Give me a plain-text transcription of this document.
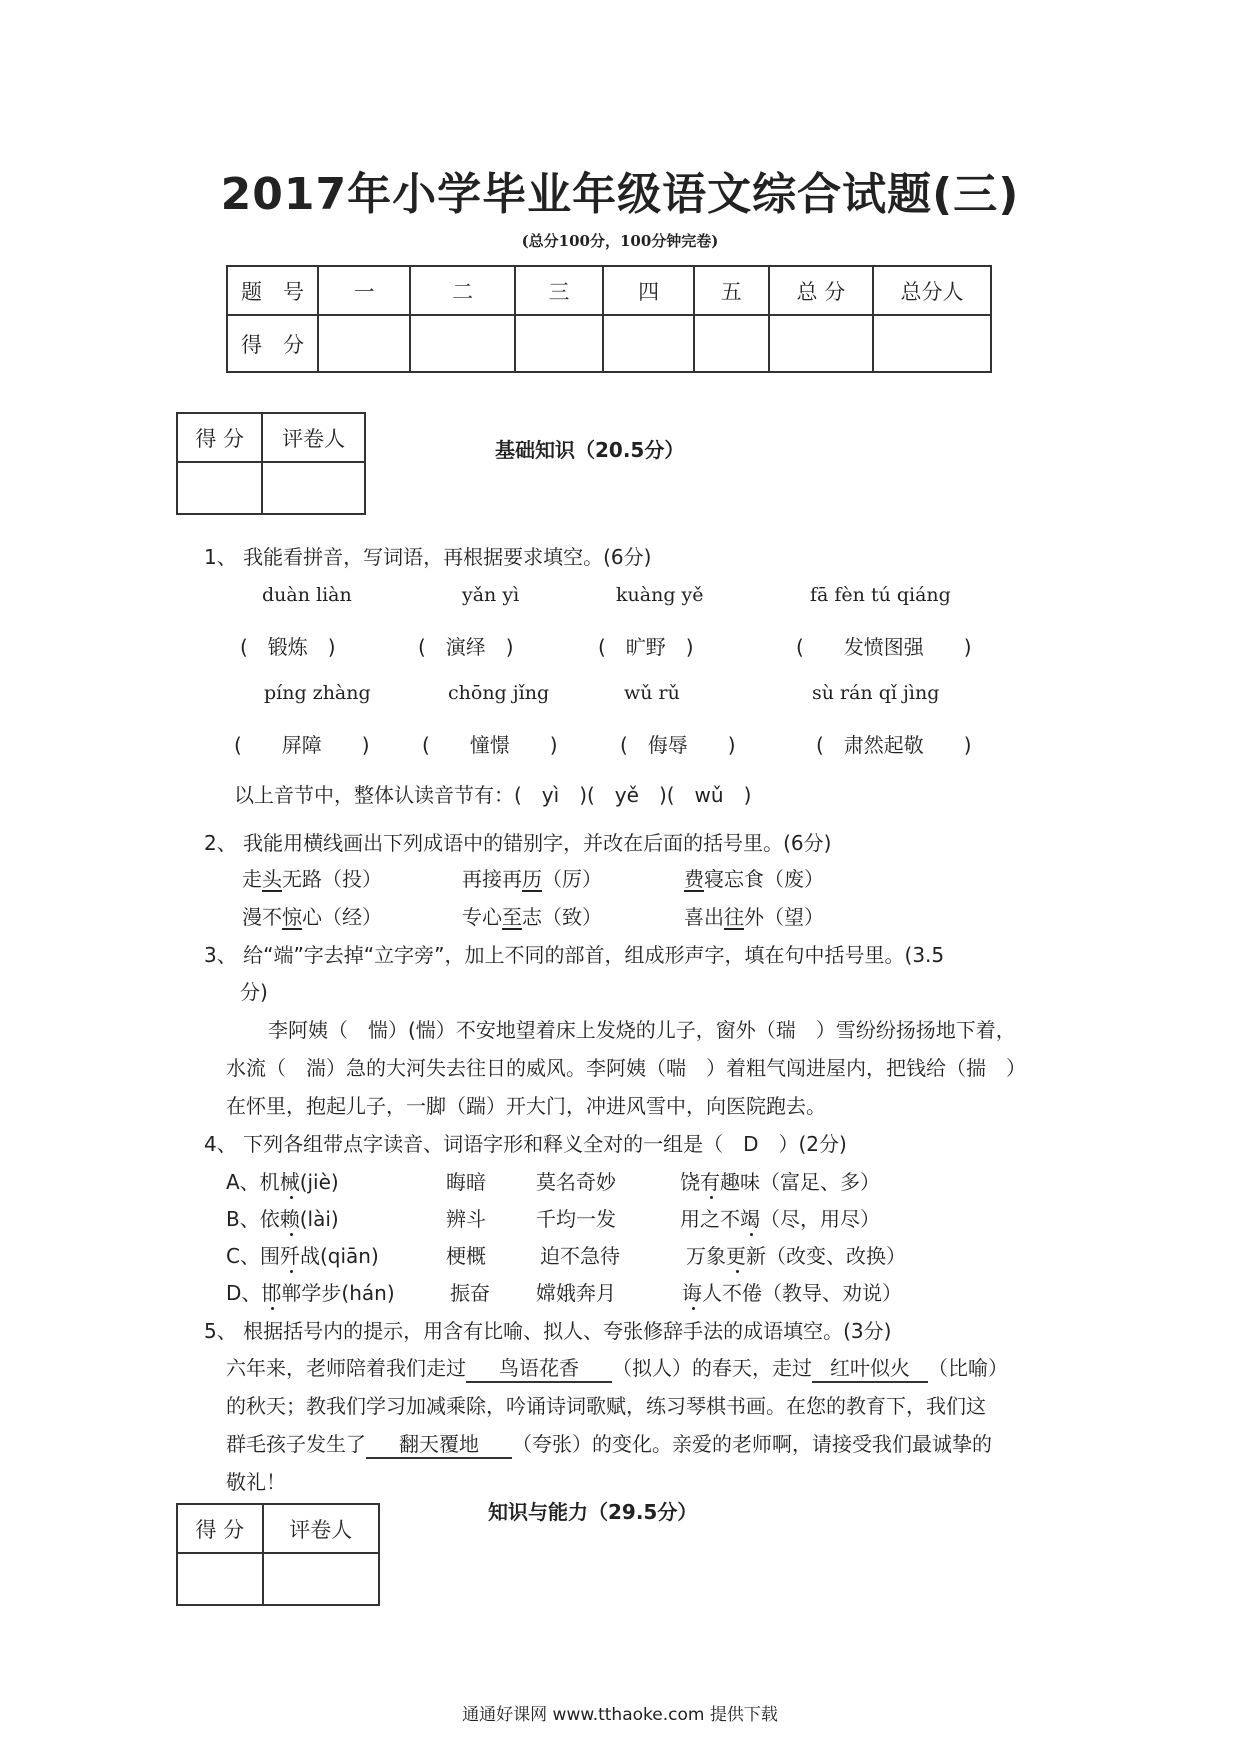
2017年小学毕业年级语文综合试题(三)
(总分100分，100分钟完卷)
题　号	一	二	三	四	五	总 分	总分人
得　分							
得 分	评卷人
		基础知识（20.5分）
1、 我能看拼音，写词语，再根据要求填空。(6分)
duàn liàn	yǎn yì	kuàng yě	fā fèn tú qiáng
(　锻炼　)	(　演绎　)	(　旷野　)	(　　发愤图强　　)
píng zhàng	chōng jǐng	wǔ rǔ	sù rán qǐ jìng
(　　屏障　　)	(　　憧憬　　)	(　侮辱　　)	(　肃然起敬　　)
以上音节中，整体认读音节有：(　yì　)(　yě　)(　wǔ　)
2、 我能用横线画出下列成语中的错别字，并改在后面的括号里。(6分)
走头无路（投）	再接再历（厉）	费寝忘食（废）
漫不惊心（经）	专心至志（致）	喜出往外（望）
3、 给“端”字去掉“立字旁”，加上不同的部首，组成形声字，填在句中括号里。(3.5
分)
李阿姨（　惴）(惴）不安地望着床上发烧的儿子，窗外（瑞　）雪纷纷扬扬地下着，
水流（　湍）急的大河失去往日的威风。李阿姨（喘　）着粗气闯进屋内，把钱给（揣　）
在怀里，抱起儿子，一脚（踹）开大门，冲进风雪中，向医院跑去。
4、 下列各组带点字读音、词语字形和释义全对的一组是（　D　）(2分)
A、机械(jiè)	晦暗	莫名奇妙	饶有趣味（富足、多）
B、依赖(lài)	辨斗	千均一发	用之不竭（尽，用尽）
C、围歼战(qiān)	梗概	迫不急待	万象更新（改变、改换）
D、邯郸学步(hán)	振奋 嫦娥奔月	诲人不倦（教导、劝说）
5、 根据括号内的提示，用含有比喻、拟人、夸张修辞手法的成语填空。(3分)
六年来，老师陪着我们走过 鸟语花香 （拟人）的春天，走过 红叶似火 （比喻）
的秋天；教我们学习加减乘除，吟诵诗词歌赋，练习琴棋书画。在您的教育下，我们这
群毛孩子发生了 翻天覆地 （夸张）的变化。亲爱的老师啊，请接受我们最诚挚的
敬礼！
得 分	评卷人

知识与能力（29.5分）
通通好课网 www.tthaoke.com 提供下载
